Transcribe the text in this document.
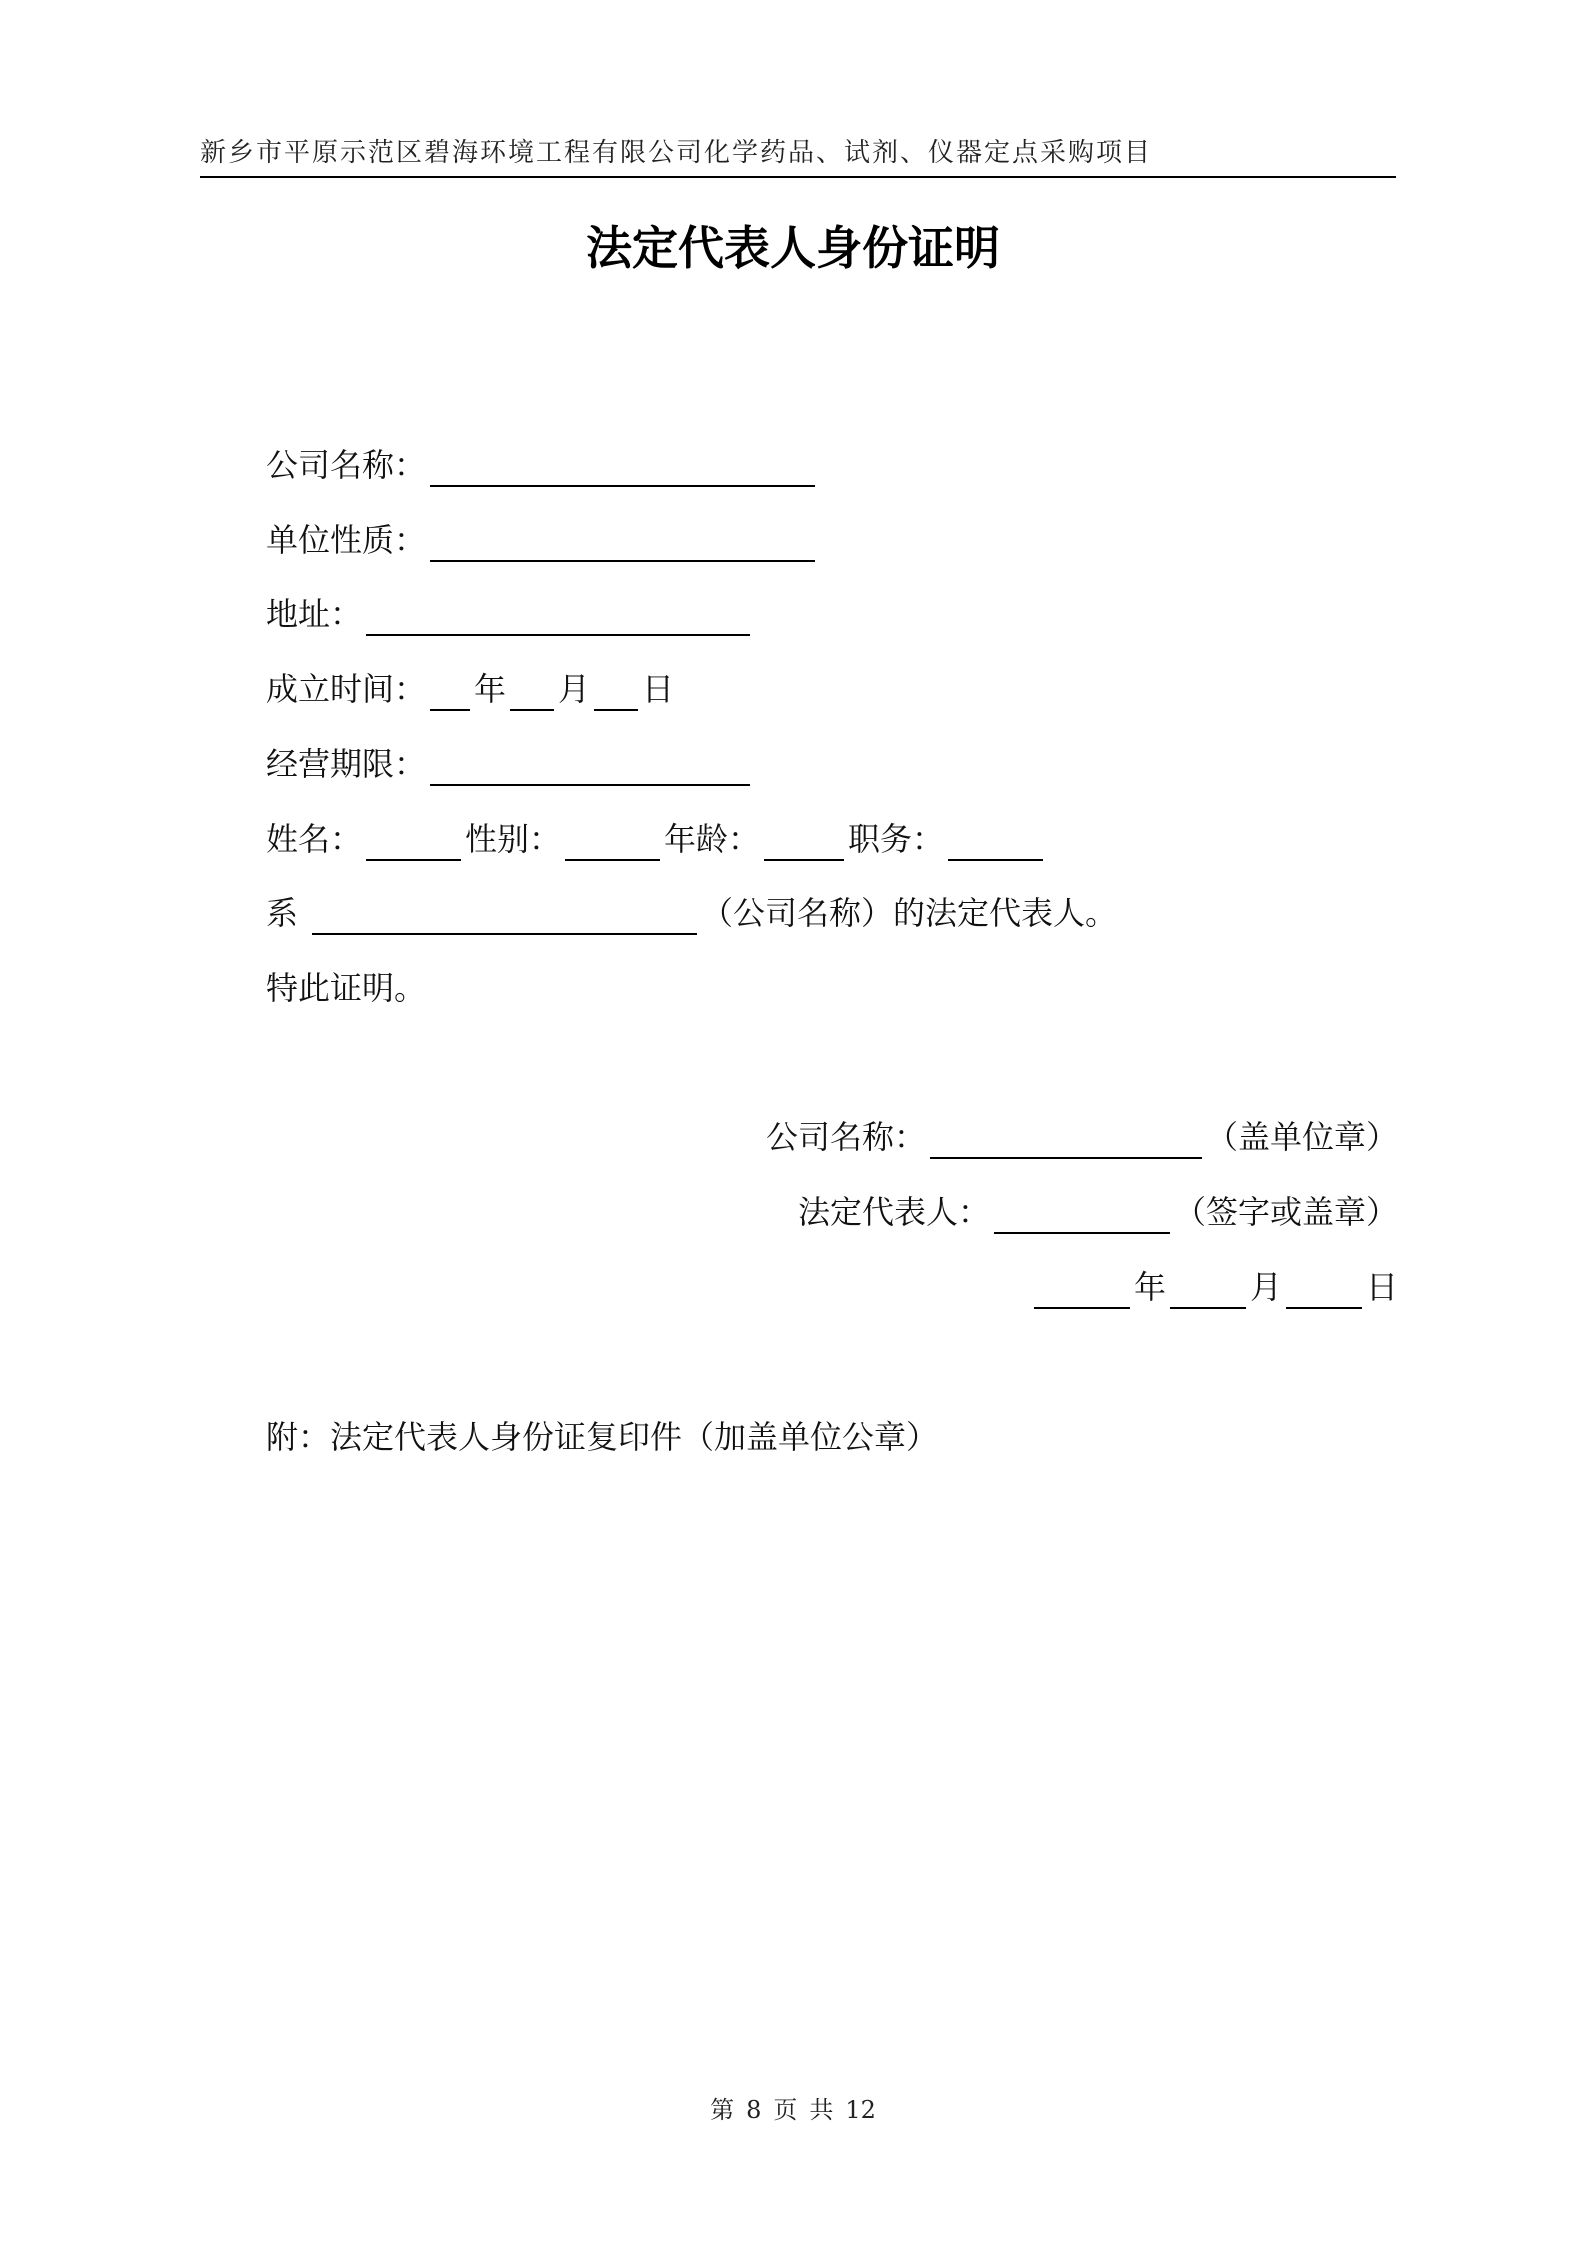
新乡市平原示范区碧海环境工程有限公司化学药品、试剂、仪器定点采购项目
法定代表人身份证明
公司名称：
单位性质：
地址：
成立时间： 年 月 日
经营期限：
姓名：	性别：	年龄：	职务：
系	（公司名称）的法定代表人。
特此证明。
公司名称：	（盖单位章）
法定代表人：	（签字或盖章）
年	月	日
附：法定代表人身份证复印件（加盖单位公章）
第 8 页 共 12
